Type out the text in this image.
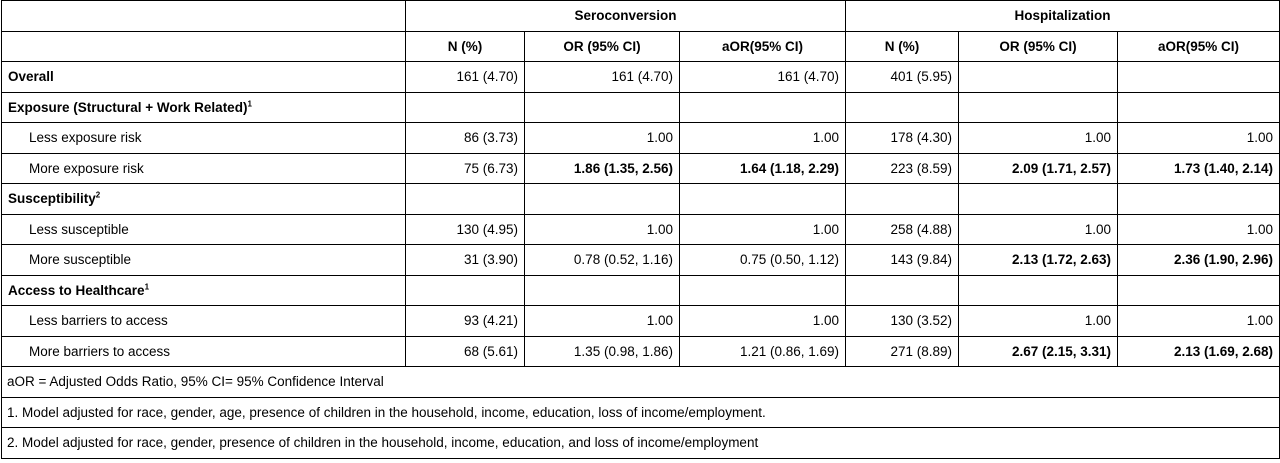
	Seroconversion			Hospitalization		
	N (%)	OR (95% CI)	aOR(95% CI)	N (%)	OR (95% CI)	aOR(95% CI)
Overall	161 (4.70)	161 (4.70)	161 (4.70)	401 (5.95)		
Exposure (Structural + Work Related)$^1$						
Less exposure risk	86 (3.73)	1.00	1.00	178 (4.30)	1.00	1.00
More exposure risk	75 (6.73)	1.86 (1.35, 2.56)	1.64 (1.18, 2.29)	223 (8.59)	2.09 (1.71, 2.57)	1.73 (1.40, 2.14)
Susceptibility$^2$						
Less susceptible	130 (4.95)	1.00	1.00	258 (4.88)	1.00	1.00
More susceptible	31 (3.90)	0.78 (0.52, 1.16)	0.75 (0.50, 1.12)	143 (9.84)	2.13 (1.72, 2.63)	2.36 (1.90, 2.96)
Access to Healthcare$^1$						
Less barriers to access	93 (4.21)	1.00	1.00	130 (3.52)	1.00	1.00
More barriers to access	68 (5.61)	1.35 (0.98, 1.86)	1.21 (0.86, 1.69)	271 (8.89)	2.67 (2.15, 3.31)	2.13 (1.69, 2.68)
aOR = Adjusted Odds Ratio, 95% CI= 95% Confidence Interval						
1. Model adjusted for race, gender, age, presence of children in the household, income, education, loss of income/employment.						
2. Model adjusted for race, gender, presence of children in the household, income, education, and loss of income/employment						
